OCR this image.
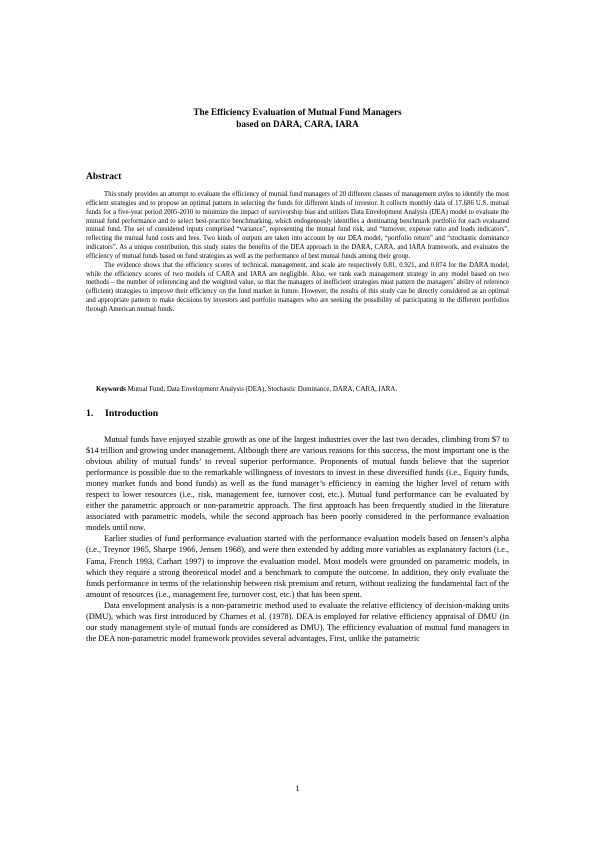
The Efficiency Evaluation of Mutual Fund Managers
based on DARA, CARA, IARA
Abstract

This study provides an attempt to evaluate the efficiency of mutual fund managers of 20 different classes of management styles to identify the most efficient strategies and to propose an optimal pattern in selecting the funds for different kinds of investor. It collects monthly data of 17,686 U.S. mutual funds for a five-year period 2005-2010 to minimize the impact of survivorship bias and utilizes Data Envelopment Analysis (DEA) model to evaluate the mutual fund performance and to select best-practice benchmarking, which endogenously identifies a dominating benchmark portfolio for each evaluated mutual fund. The set of considered inputs comprised “variance”, representing the mutual fund risk, and “turnover, expense ratio and loads indicators”, reflecting the mutual fund costs and fees. Two kinds of outputs are taken into account by our DEA model, “portfolio return” and “stochastic dominance indicators”. As a unique contribution, this study states the benefits of the DEA approach in the DARA, CARA, and IARA framework, and evaluates the efficiency of mutual funds based on fund strategies as well as the performance of best mutual funds among their group.

The evidence shows that the efficiency scores of technical, management, and scale are respectively 0.81, 0.921, and 0.874 for the DARA model, while the efficiency scores of two models of CARA and IARA are negligible. Also, we rank each management strategy in any model based on two methods – the number of referencing and the weighted value, so that the managers of inefficient strategies must pattern the managers’ ability of reference (efficient) strategies to improve their efficiency on the fund market in future. However, the results of this study can be directly considered as an optimal and appropriate pattern to make decisions by investors and portfolio managers who are seeking the possibility of participating in the different portfolios through American mutual funds.

Keywords Mutual Fund, Data Envelopment Analysis (DEA), Stochastic Dominance, DARA, CARA, IARA.
1. Introduction

Mutual funds have enjoyed sizable growth as one of the largest industries over the last two decades, climbing from $7 to $14 trillion and growing under management. Although there are various reasons for this success, the most important one is the obvious ability of mutual funds’ to reveal superior performance. Proponents of mutual funds believe that the superior performance is possible due to the remarkable willingness of investors to invest in these diversified funds (i.e., Equity funds, money market funds and bond funds) as well as the fund manager’s efficiency in earning the higher level of return with respect to lower resources (i.e., risk, management fee, turnover cost, etc.). Mutual fund performance can be evaluated by either the parametric approach or non-parametric approach. The first approach has been frequently studied in the literature associated with parametric models, while the second approach has been poorly considered in the performance evaluation models until now.

Earlier studies of fund performance evaluation started with the performance evaluation models based on Jensen’s alpha (i.e., Treynor 1965, Sharpe 1966, Jensen 1968), and were then extended by adding more variables as explanatory factors (i.e., Fama, French 1993, Carhart 1997) to improve the evaluation model. Most models were grounded on parametric models, in which they require a strong theoretical model and a benchmark to compute the outcome. In addition, they only evaluate the funds performance in terms of the relationship between risk premium and return, without realizing the fundamental fact of the amount of resources (i.e., management fee, turnover cost, etc.) that has been spent.

Data envelopment analysis is a non-parametric method used to evaluate the relative efficiency of decision-making units (DMU), which was first introduced by Charnes et al. (1978). DEA is employed for relative efficiency appraisal of DMU (in our study management style of mutual funds are considered as DMU). The efficiency evaluation of mutual fund managers in the DEA non-parametric model framework provides several advantages. First, unlike the parametric

1
